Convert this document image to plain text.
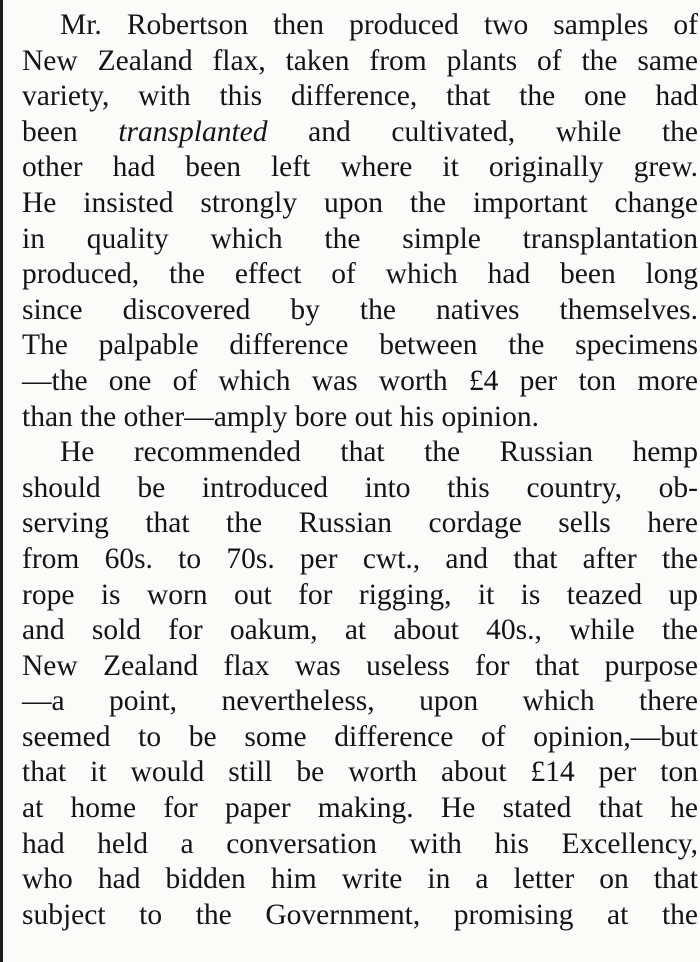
Mr. Robertson then produced two samples of
New Zealand flax, taken from plants of the same
variety, with this difference, that the one had
been transplanted and cultivated, while the
other had been left where it originally grew.
He insisted strongly upon the important change
in quality which the simple transplantation
produced, the effect of which had been long
since discovered by the natives themselves.
The palpable difference between the specimens
—the one of which was worth £4 per ton more
than the other—amply bore out his opinion.
He recommended that the Russian hemp
should be introduced into this country, ob-
serving that the Russian cordage sells here
from 60s. to 70s. per cwt., and that after the
rope is worn out for rigging, it is teazed up
and sold for oakum, at about 40s., while the
New Zealand flax was useless for that purpose
—a point, nevertheless, upon which there
seemed to be some difference of opinion,—but
that it would still be worth about £14 per ton
at home for paper making. He stated that he
had held a conversation with his Excellency,
who had bidden him write in a letter on that
subject to the Government, promising at the
